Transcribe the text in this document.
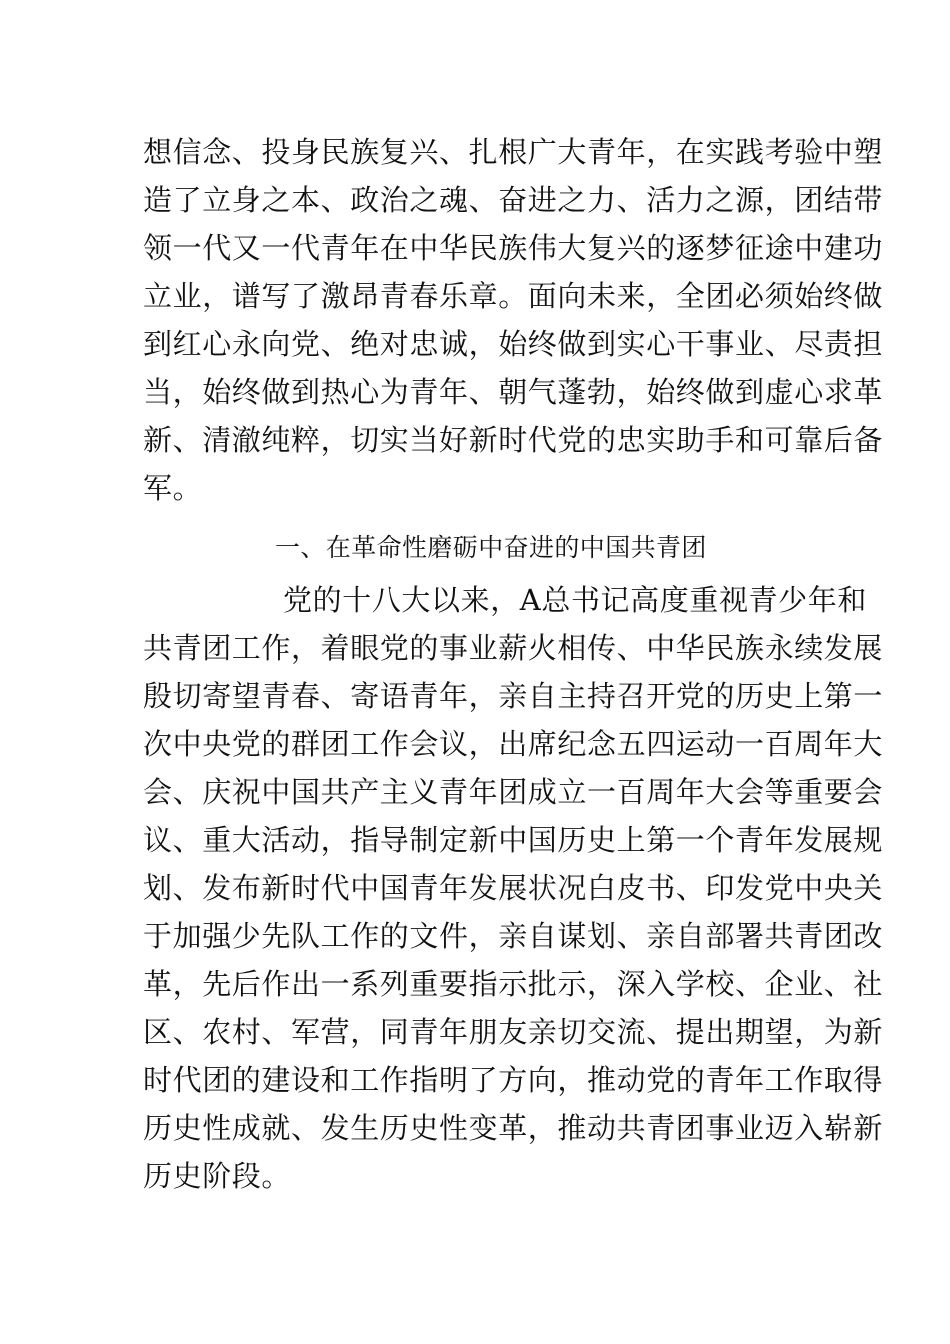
想信念、投身民族复兴、扎根广大青年，在实践考验中塑
造了立身之本、政治之魂、奋进之力、活力之源，团结带
领一代又一代青年在中华民族伟大复兴的逐梦征途中建功
立业，谱写了激昂青春乐章。面向未来，全团必须始终做
到红心永向党、绝对忠诚，始终做到实心干事业、尽责担
当，始终做到热心为青年、朝气蓬勃，始终做到虚心求革
新、清澈纯粹，切实当好新时代党的忠实助手和可靠后备
军。
一、在革命性磨砺中奋进的中国共青团
党的十八大以来，A总书记高度重视青少年和
共青团工作，着眼党的事业薪火相传、中华民族永续发展
殷切寄望青春、寄语青年，亲自主持召开党的历史上第一
次中央党的群团工作会议，出席纪念五四运动一百周年大
会、庆祝中国共产主义青年团成立一百周年大会等重要会
议、重大活动，指导制定新中国历史上第一个青年发展规
划、发布新时代中国青年发展状况白皮书、印发党中央关
于加强少先队工作的文件，亲自谋划、亲自部署共青团改
革，先后作出一系列重要指示批示，深入学校、企业、社
区、农村、军营，同青年朋友亲切交流、提出期望，为新
时代团的建设和工作指明了方向，推动党的青年工作取得
历史性成就、发生历史性变革，推动共青团事业迈入崭新
历史阶段。
